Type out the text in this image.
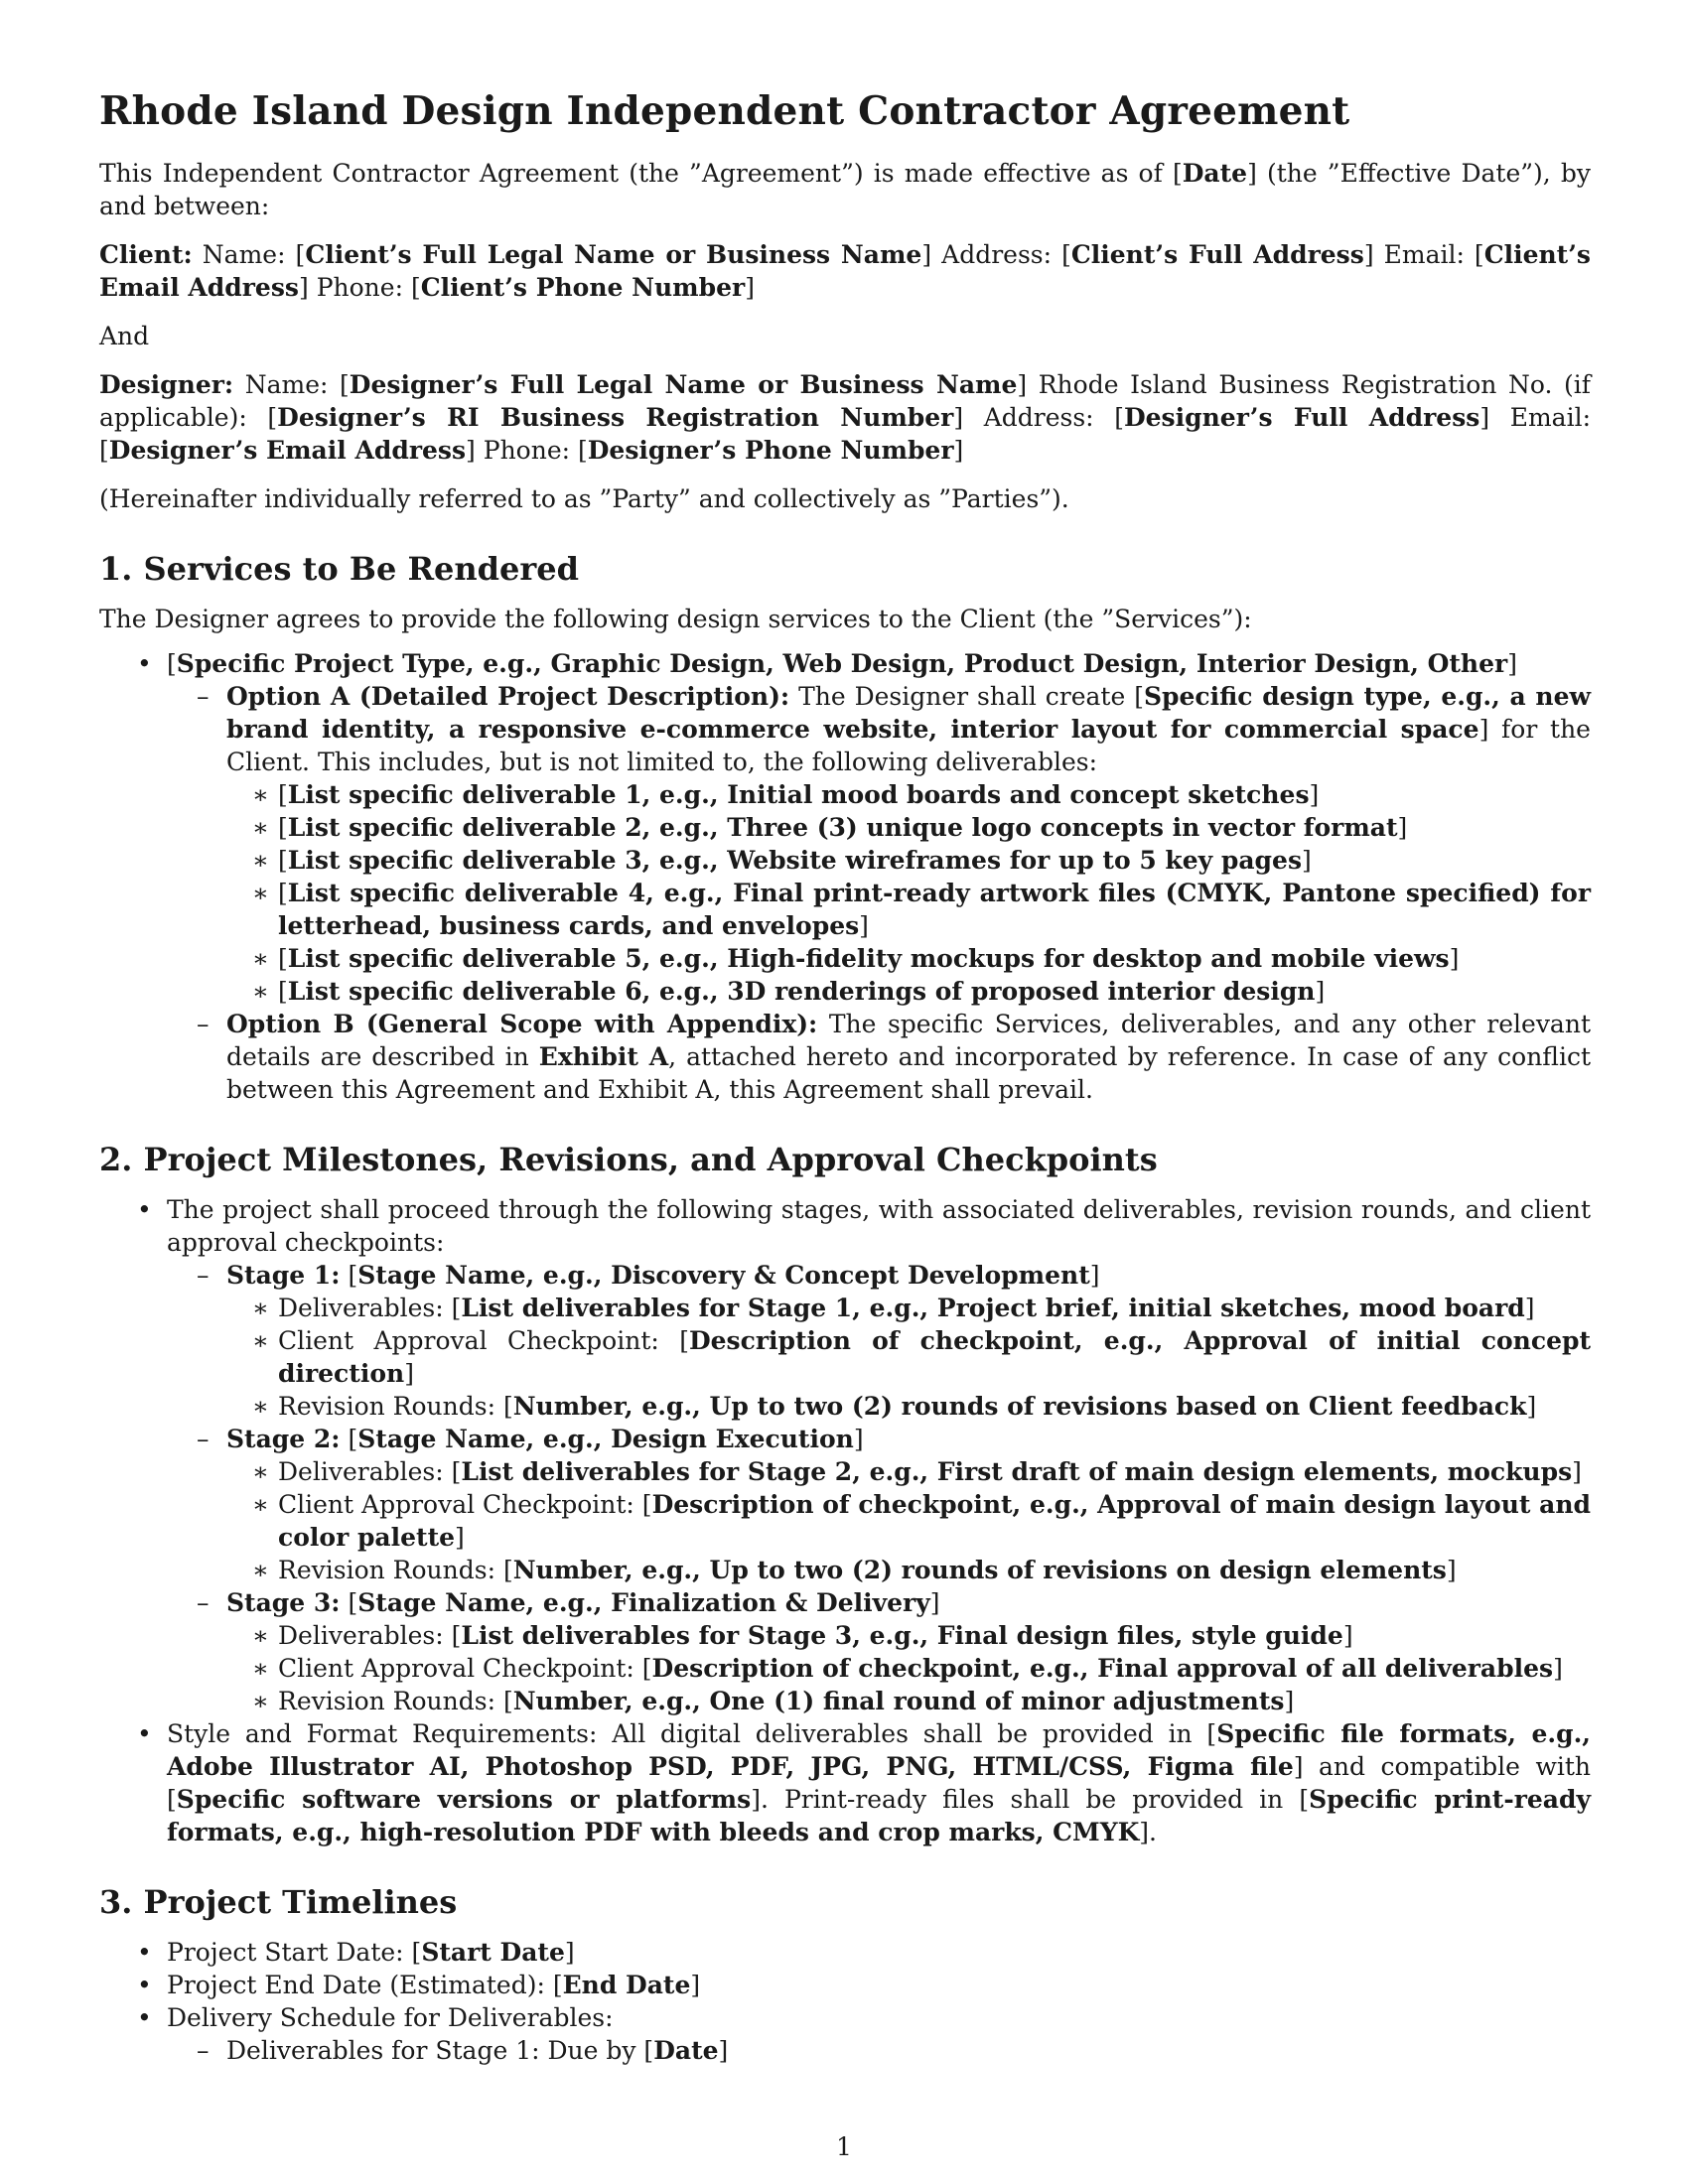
Rhode Island Design Independent Contractor Agreement

This Independent Contractor Agreement (the ”Agreement”) is made effective as of [Date] (the ”Effective Date”), by and between:

Client: Name: [Client’s Full Legal Name or Business Name] Address: [Client’s Full Address] Email: [Client’s Email Address] Phone: [Client’s Phone Number]

And

Designer: Name: [Designer’s Full Legal Name or Business Name] Rhode Island Business Registration No. (if applicable): [Designer’s RI Business Registration Number] Address: [Designer’s Full Address] Email: [Designer’s Email Address] Phone: [Designer’s Phone Number]

(Hereinafter individually referred to as ”Party” and collectively as ”Parties”).

1. Services to Be Rendered

The Designer agrees to provide the following design services to the Client (the ”Services”):

• [Specific Project Type, e.g., Graphic Design, Web Design, Product Design, Interior Design, Other]
– Option A (Detailed Project Description): The Designer shall create [Specific design type, e.g., a new brand identity, a responsive e-commerce website, interior layout for commercial space] for the Client. This includes, but is not limited to, the following deliverables:
∗ [List specific deliverable 1, e.g., Initial mood boards and concept sketches]
∗ [List specific deliverable 2, e.g., Three (3) unique logo concepts in vector format]
∗ [List specific deliverable 3, e.g., Website wireframes for up to 5 key pages]
∗ [List specific deliverable 4, e.g., Final print-ready artwork files (CMYK, Pantone specified) for letterhead, business cards, and envelopes]
∗ [List specific deliverable 5, e.g., High-fidelity mockups for desktop and mobile views]
∗ [List specific deliverable 6, e.g., 3D renderings of proposed interior design]
– Option B (General Scope with Appendix): The specific Services, deliverables, and any other relevant details are described in Exhibit A, attached hereto and incorporated by reference. In case of any conflict between this Agreement and Exhibit A, this Agreement shall prevail.
2. Project Milestones, Revisions, and Approval Checkpoints
• The project shall proceed through the following stages, with associated deliverables, revision rounds, and client approval checkpoints:
– Stage 1: [Stage Name, e.g., Discovery & Concept Development]
∗ Deliverables: [List deliverables for Stage 1, e.g., Project brief, initial sketches, mood board]
∗ Client Approval Checkpoint: [Description of checkpoint, e.g., Approval of initial concept direction]
∗ Revision Rounds: [Number, e.g., Up to two (2) rounds of revisions based on Client feedback]
– Stage 2: [Stage Name, e.g., Design Execution]
∗ Deliverables: [List deliverables for Stage 2, e.g., First draft of main design elements, mockups]
∗ Client Approval Checkpoint: [Description of checkpoint, e.g., Approval of main design layout and color palette]
∗ Revision Rounds: [Number, e.g., Up to two (2) rounds of revisions on design elements]
– Stage 3: [Stage Name, e.g., Finalization & Delivery]
∗ Deliverables: [List deliverables for Stage 3, e.g., Final design files, style guide]
∗ Client Approval Checkpoint: [Description of checkpoint, e.g., Final approval of all deliverables]
∗ Revision Rounds: [Number, e.g., One (1) final round of minor adjustments]
• Style and Format Requirements: All digital deliverables shall be provided in [Specific file formats, e.g., Adobe Illustrator AI, Photoshop PSD, PDF, JPG, PNG, HTML/CSS, Figma file] and compatible with [Specific software versions or platforms]. Print-ready files shall be provided in [Specific print-ready formats, e.g., high-resolution PDF with bleeds and crop marks, CMYK].
3. Project Timelines
• Project Start Date: [Start Date]
• Project End Date (Estimated): [End Date]
• Delivery Schedule for Deliverables:
– Deliverables for Stage 1: Due by [Date]
1
